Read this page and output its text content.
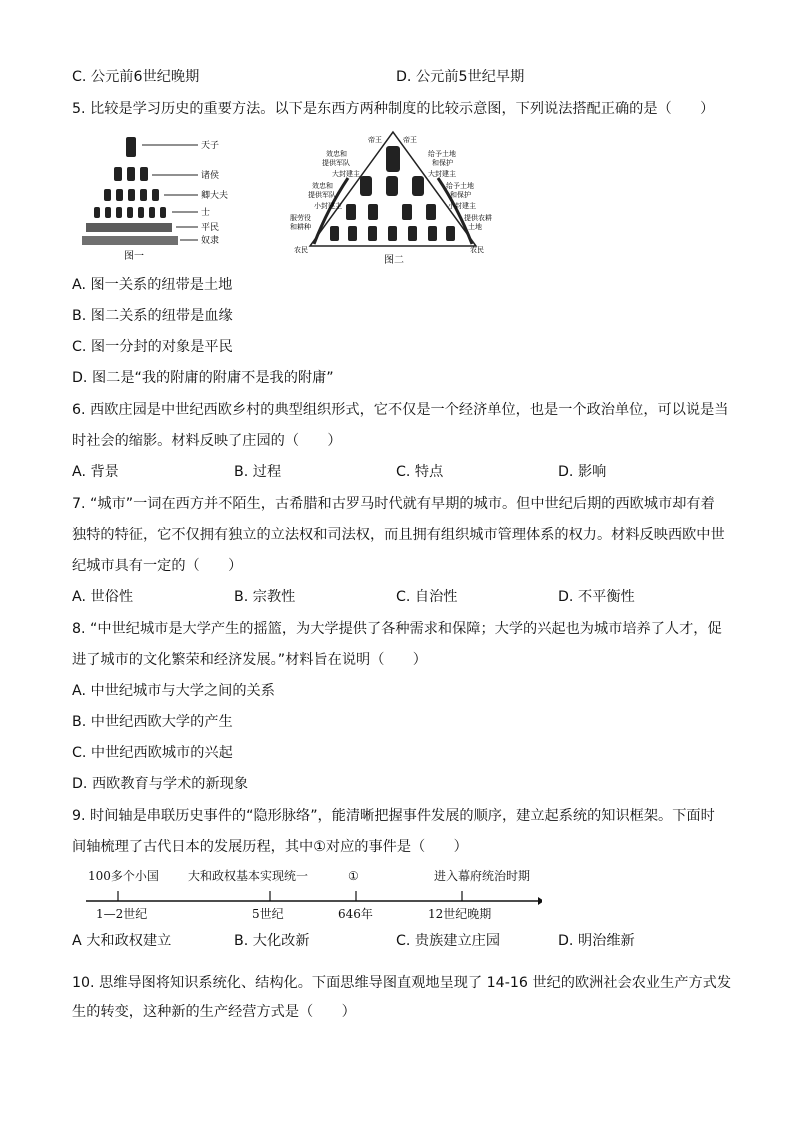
C. 公元前6世纪晚期	D. 公元前5世纪早期
5. 比较是学习历史的重要方法。以下是东西方两种制度的比较示意图，下列说法搭配正确的是（　　）
天子
诸侯
卿大夫
士
平民
奴隶
图一
帝王	帝王
效忠和
提供军队
大封建主
效忠和
提供军队
小封建主
服劳役
和耕种
农民
给予土地
和保护
大封建主
给予土地
和保护
小封建主
提供农耕
土地
农民
图二
A. 图一关系的纽带是土地
B. 图二关系的纽带是血缘
C. 图一分封的对象是平民
D. 图二是“我的附庸的附庸不是我的附庸”
6. 西欧庄园是中世纪西欧乡村的典型组织形式，它不仅是一个经济单位，也是一个政治单位，可以说是当
时社会的缩影。材料反映了庄园的（　　）
A. 背景	B. 过程	C. 特点	D. 影响
7. “城市”一词在西方并不陌生，古希腊和古罗马时代就有早期的城市。但中世纪后期的西欧城市却有着
独特的特征，它不仅拥有独立的立法权和司法权，而且拥有组织城市管理体系的权力。材料反映西欧中世
纪城市具有一定的（　　）
A. 世俗性	B. 宗教性	C. 自治性	D. 不平衡性
8. “中世纪城市是大学产生的摇篮，为大学提供了各种需求和保障；大学的兴起也为城市培养了人才，促
进了城市的文化繁荣和经济发展。”材料旨在说明（　　）
A. 中世纪城市与大学之间的关系
B. 中世纪西欧大学的产生
C. 中世纪西欧城市的兴起
D. 西欧教育与学术的新现象
9. 时间轴是串联历史事件的“隐形脉络”，能清晰把握事件发展的顺序，建立起系统的知识框架。下面时
间轴梳理了古代日本的发展历程，其中①对应的事件是（　　）
100多个小国 大和政权基本实现统一	①	进入幕府统治时期
1—2世纪	5世纪	646年	12世纪晚期
A 大和政权建立	B. 大化改新	C. 贵族建立庄园	D. 明治维新
10. 思维导图将知识系统化、结构化。下面思维导图直观地呈现了 14-16 世纪的欧洲社会农业生产方式发
生的转变，这种新的生产经营方式是（　　）
